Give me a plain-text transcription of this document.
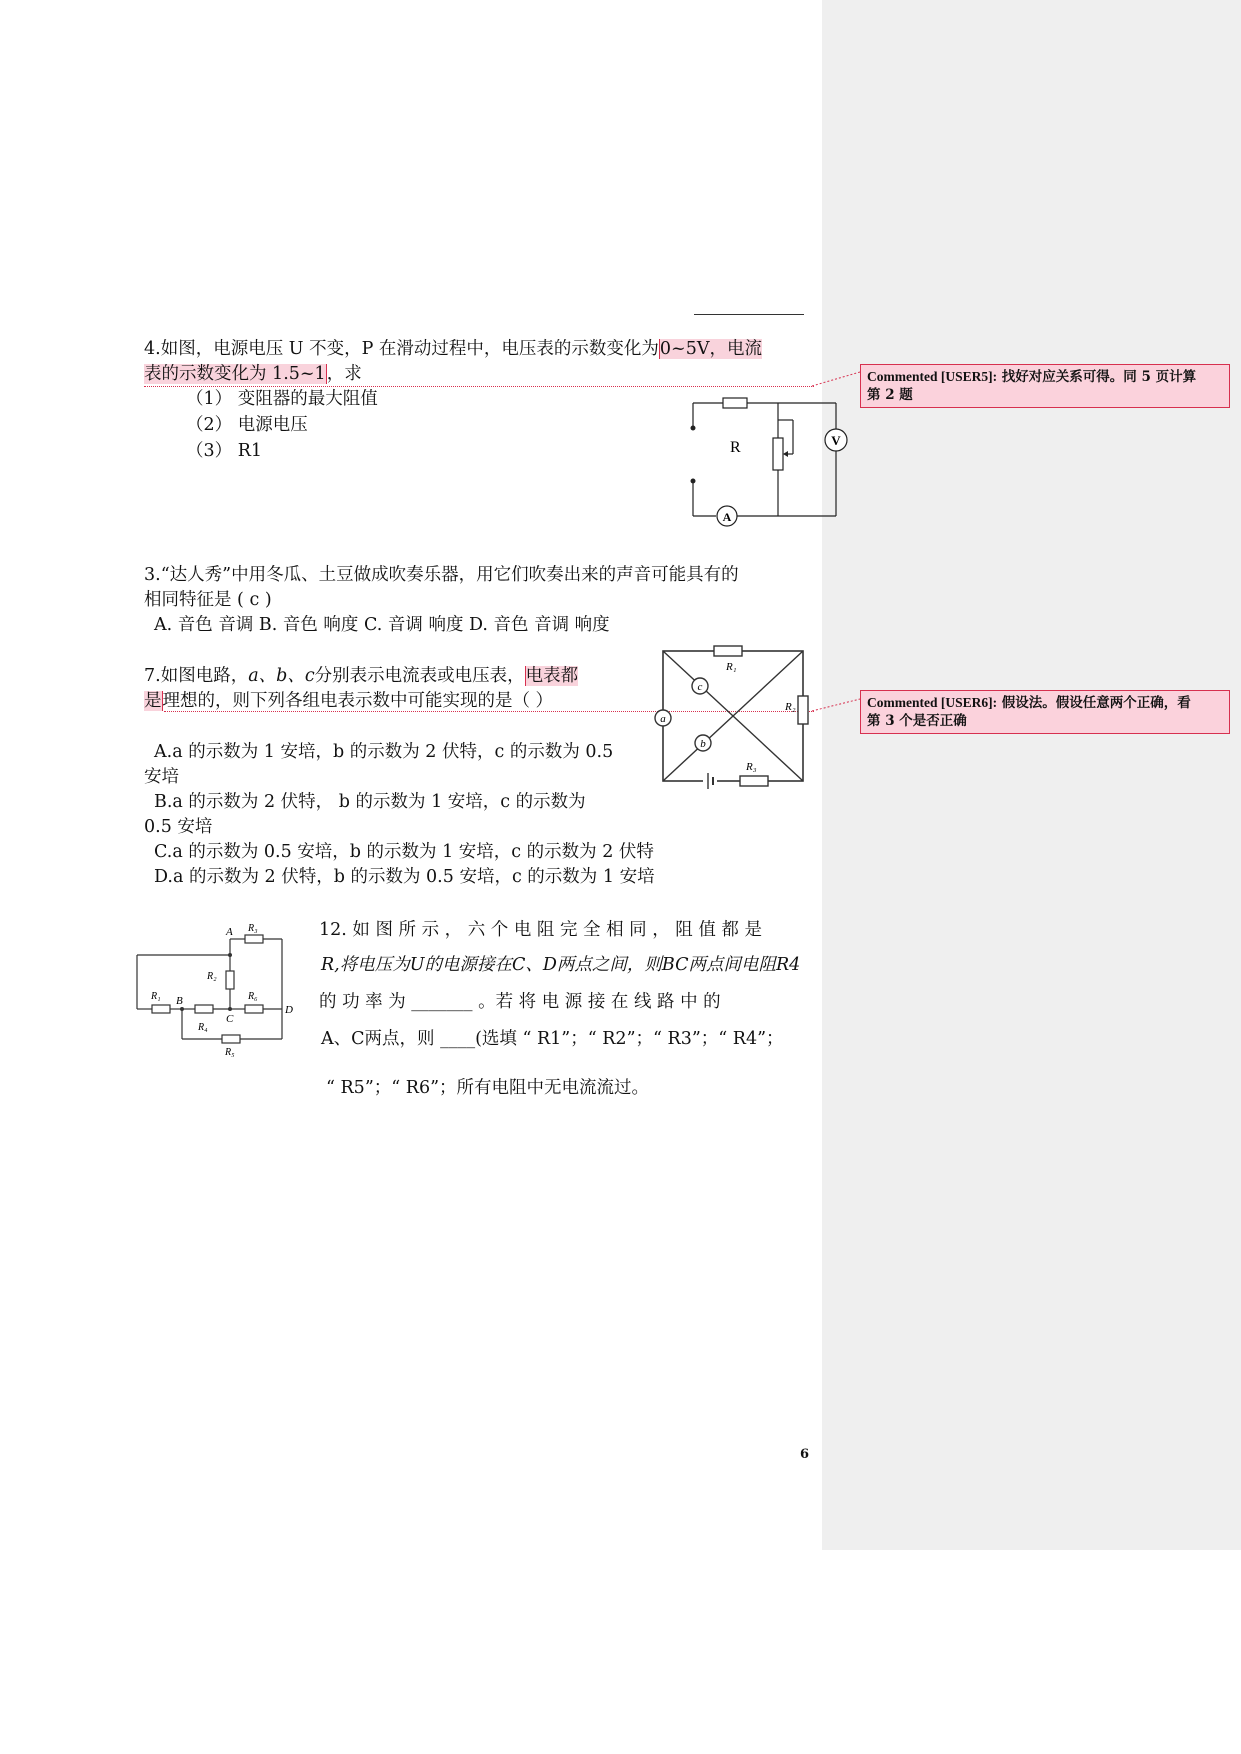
4.如图，电源电压 U 不变，P 在滑动过程中，电压表的示数变化为0~5V，电流
表的示数变化为 1.5~1，求
（1） 变阻器的最大阻值
（2） 电源电压
（3） R1
V
A
R
Commented [USER5]: 找好对应关系可得。同 5 页计算
第 2 题
3.“达人秀”中用冬瓜、土豆做成吹奏乐器，用它们吹奏出来的声音可能具有的
相同特征是 ( c )
A. 音色 音调 B. 音色 响度 C. 音调 响度 D. 音色 音调 响度
7.如图电路，a、b、c分别表示电流表或电压表，电表都
是理想的，则下列各组电表示数中可能实现的是（ ）
A.a 的示数为 1 安培，b 的示数为 2 伏特，c 的示数为 0.5
安培
B.a 的示数为 2 伏特， b 的示数为 1 安培，c 的示数为
0.5 安培
C.a 的示数为 0.5 安培，b 的示数为 1 安培，c 的示数为 2 伏特
D.a 的示数为 2 伏特，b 的示数为 0.5 安培，c 的示数为 1 安培
R₁
R₂
R₃
a
c
b
Commented [USER6]: 假设法。假设任意两个正确，看
第 3 个是否正确
12. 如 图 所 示 ， 六 个 电 阻 完 全 相 同 ， 阻 值 都 是
R,将电压为U的电源接在C、D两点之间，则BC两点间电阻R4
的 功 率 为 _______ 。若 将 电 源 接 在 线 路 中 的
A、C两点，则 ____(选填 “ R1”；“ R2”；“ R3”；“ R4”；
“ R5”；“ R6”；所有电阻中无电流流过。
A
B
C
D
R₁
R₂
R₃
R₄
R₅
R₆
6
